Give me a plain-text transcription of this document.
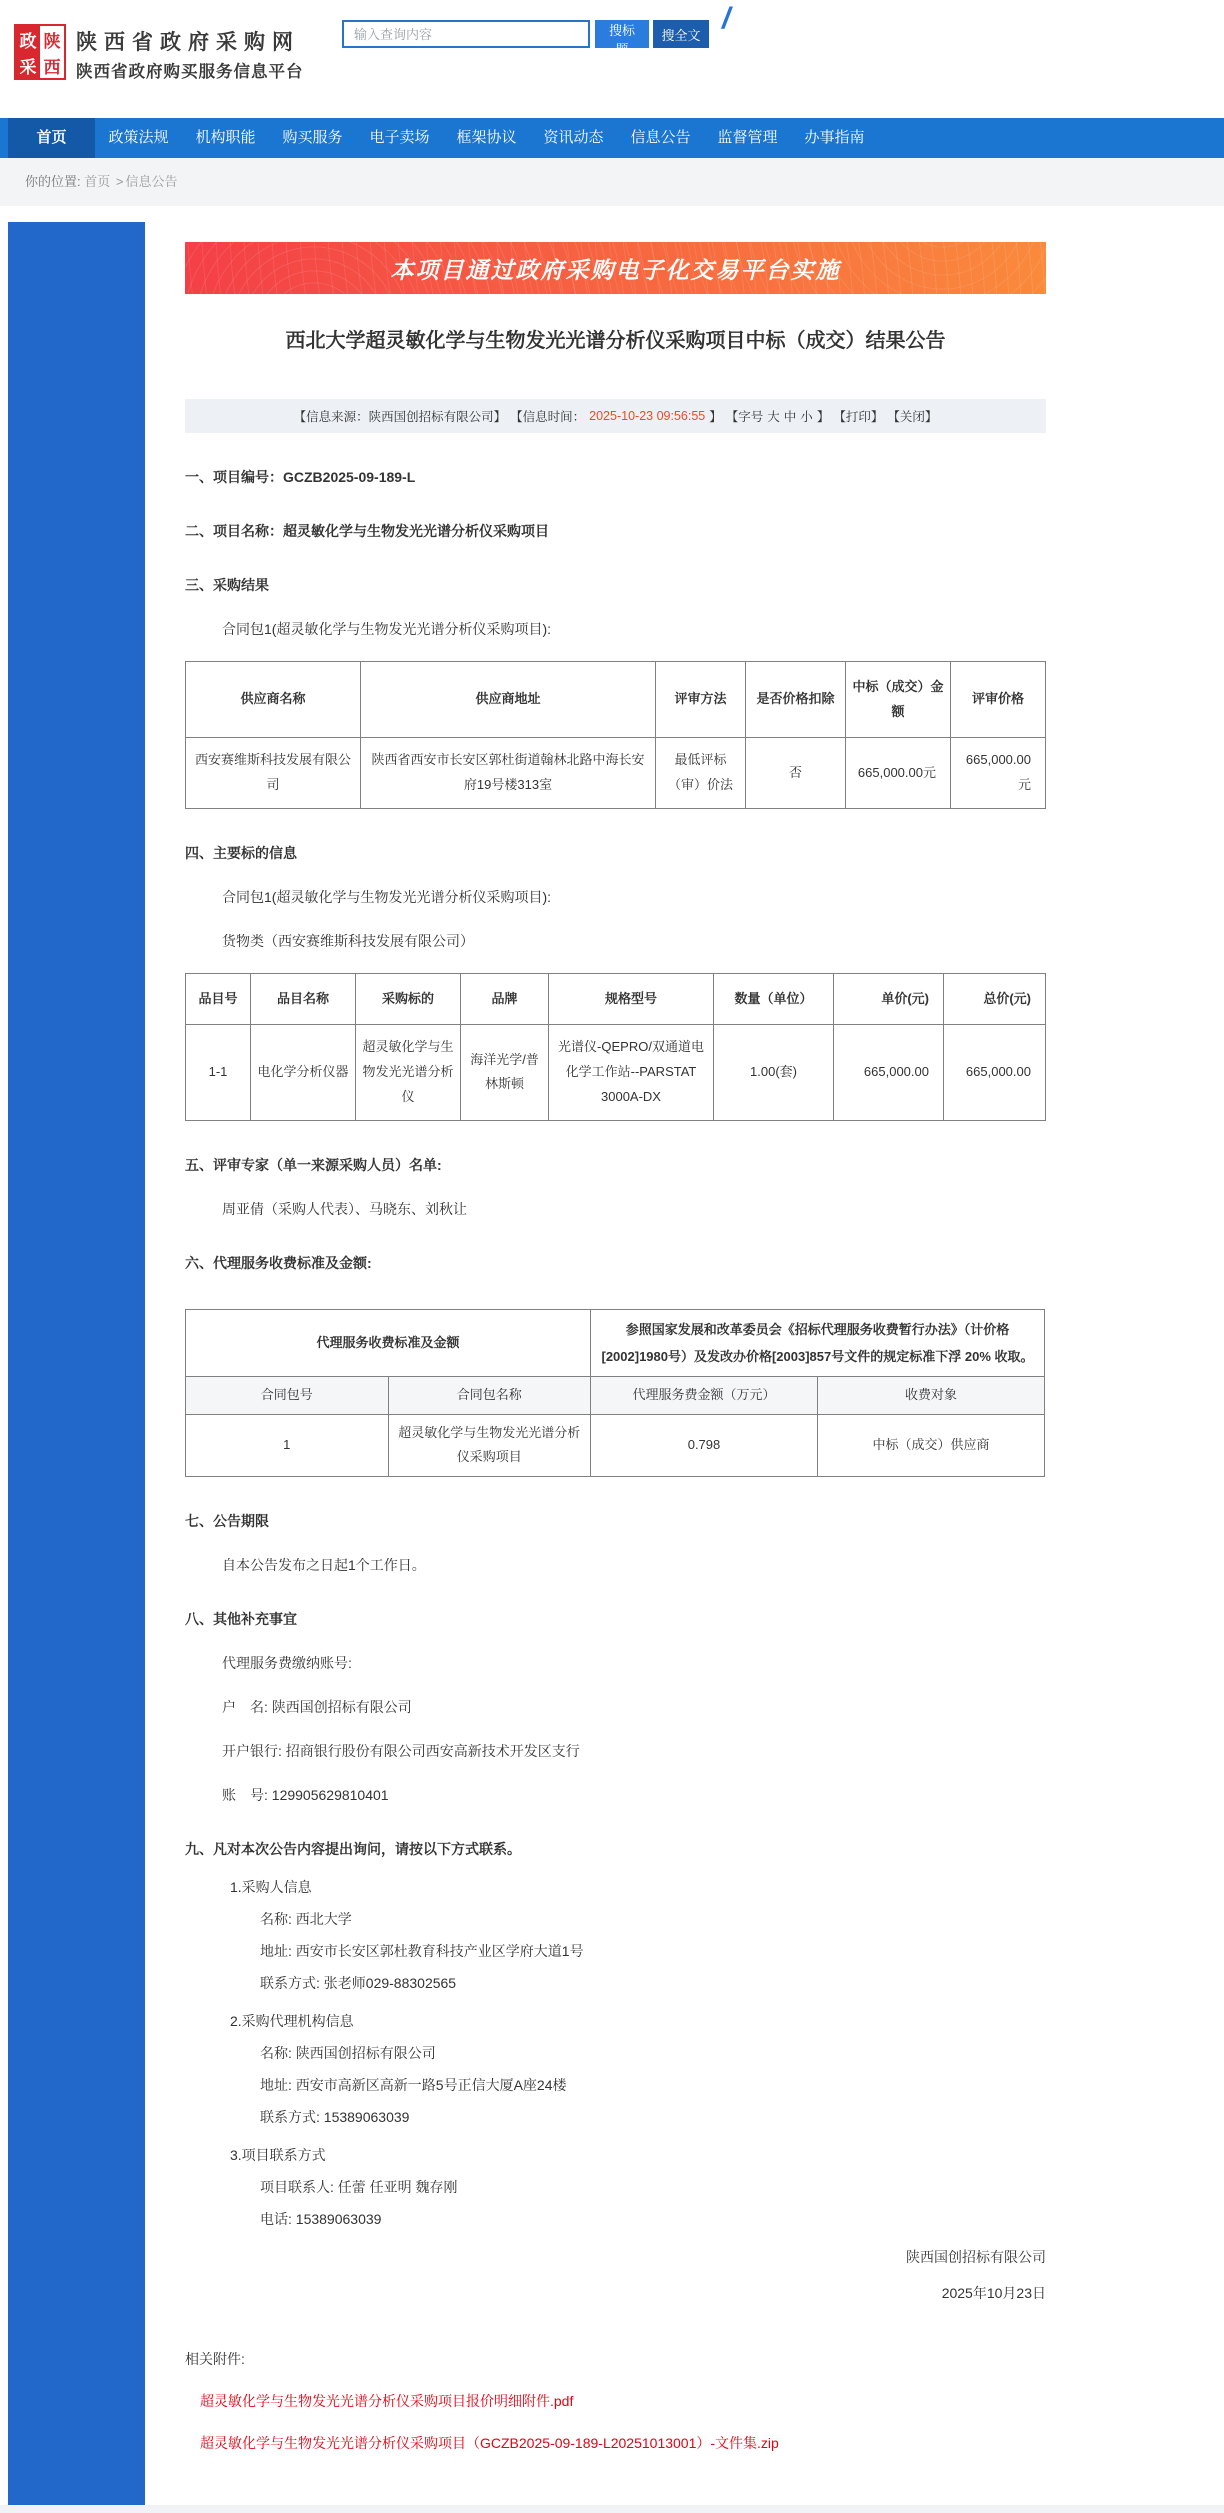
政 陕
采 西
陕西省政府采购网
陕西省政府购买服务信息平台
输入查询内容
搜标题
搜全文 /
首页	政策法规	机构职能	购买服务	电子卖场	框架协议	资讯动态	信息公告	监督管理	办事指南
你的位置: 首页 > 信息公告
本项目通过政府采购电子化交易平台实施
西北大学超灵敏化学与生物发光光谱分析仪采购项目中标（成交）结果公告
【信息来源：陕西国创招标有限公司】 【信息时间： 2025-10-23 09:56:55 】 【字号 大 中 小 】 【打印】 【关闭】
一、项目编号：GCZB2025-09-189-L
二、项目名称：超灵敏化学与生物发光光谱分析仪采购项目
三、采购结果
合同包1(超灵敏化学与生物发光光谱分析仪采购项目):
供应商名称	供应商地址	评审方法	是否价格扣除	中标（成交）金额	评审价格
西安赛维斯科技发展有限公司	陕西省西安市长安区郭杜街道翰林北路中海长安府19号楼313室	最低评标（审）价法	否	665,000.00元	665,000.00元
四、主要标的信息
合同包1(超灵敏化学与生物发光光谱分析仪采购项目):
货物类（西安赛维斯科技发展有限公司）
品目号	品目名称	采购标的	品牌	规格型号	数量（单位）	单价(元)	总价(元)
1-1	电化学分析仪器	超灵敏化学与生物发光光谱分析仪	海洋光学/普林斯顿	光谱仪-QEPRO/双通道电化学工作站--PARSTAT 3000A-DX	1.00(套)	665,000.00	665,000.00
五、评审专家（单一来源采购人员）名单:
周亚倩（采购人代表）、马晓东、刘秋让
六、代理服务收费标准及金额:
代理服务收费标准及金额		参照国家发展和改革委员会《招标代理服务收费暂行办法》（计价格[2002]1980号）及发改办价格[2003]857号文件的规定标准下浮 20% 收取。	
合同包号	合同包名称	代理服务费金额（万元）	收费对象
1	超灵敏化学与生物发光光谱分析仪采购项目	0.798	中标（成交）供应商
七、公告期限
自本公告发布之日起1个工作日。
八、其他补充事宜
代理服务费缴纳账号:
户　名: 陕西国创招标有限公司
开户银行: 招商银行股份有限公司西安高新技术开发区支行
账　号: 129905629810401
九、凡对本次公告内容提出询问，请按以下方式联系。
1.采购人信息
名称: 西北大学
地址: 西安市长安区郭杜教育科技产业区学府大道1号
联系方式: 张老师029-88302565
2.采购代理机构信息
名称: 陕西国创招标有限公司
地址: 西安市高新区高新一路5号正信大厦A座24楼
联系方式: 15389063039
3.项目联系方式
项目联系人: 任蕾 任亚明 魏存刚
电话: 15389063039
陕西国创招标有限公司
2025年10月23日
相关附件:
超灵敏化学与生物发光光谱分析仪采购项目报价明细附件.pdf
超灵敏化学与生物发光光谱分析仪采购项目（GCZB2025-09-189-L20251013001）-文件集.zip
